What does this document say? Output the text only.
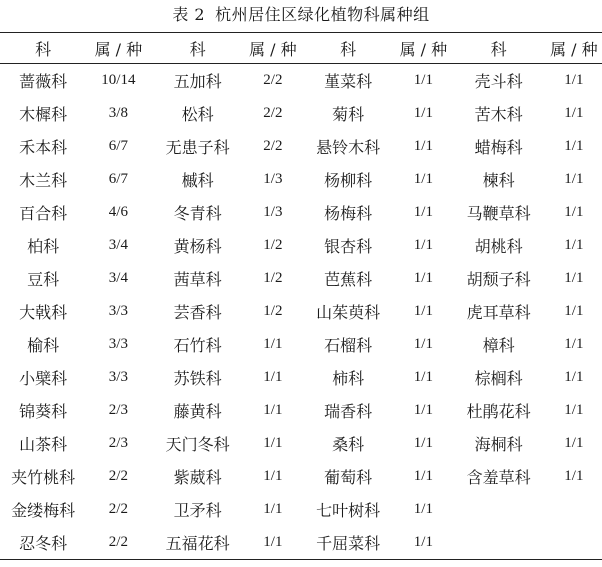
表 2 杭州居住区绿化植物科属种组
科	属 / 种	科	属 / 种	科	属 / 种	科	属 / 种
蔷薇科	10/14	五加科	2/2	堇菜科	1/1	壳斗科	1/1
木樨科	3/8	松科	2/2	菊科	1/1	苦木科	1/1
禾本科	6/7	无患子科	2/2	悬铃木科	1/1	蜡梅科	1/1
木兰科	6/7	槭科	1/3	杨柳科	1/1	楝科	1/1
百合科	4/6	冬青科	1/3	杨梅科	1/1	马鞭草科	1/1
柏科	3/4	黄杨科	1/2	银杏科	1/1	胡桃科	1/1
豆科	3/4	茜草科	1/2	芭蕉科	1/1	胡颓子科	1/1
大戟科	3/3	芸香科	1/2	山茱萸科	1/1	虎耳草科	1/1
榆科	3/3	石竹科	1/1	石榴科	1/1	樟科	1/1
小檗科	3/3	苏铁科	1/1	柿科	1/1	棕榈科	1/1
锦葵科	2/3	藤黄科	1/1	瑞香科	1/1	杜鹃花科	1/1
山茶科	2/3	天门冬科	1/1	桑科	1/1	海桐科	1/1
夹竹桃科	2/2	紫葳科	1/1	葡萄科	1/1	含羞草科	1/1
金缕梅科	2/2	卫矛科	1/1	七叶树科	1/1		
忍冬科	2/2	五福花科	1/1	千屈菜科	1/1		
